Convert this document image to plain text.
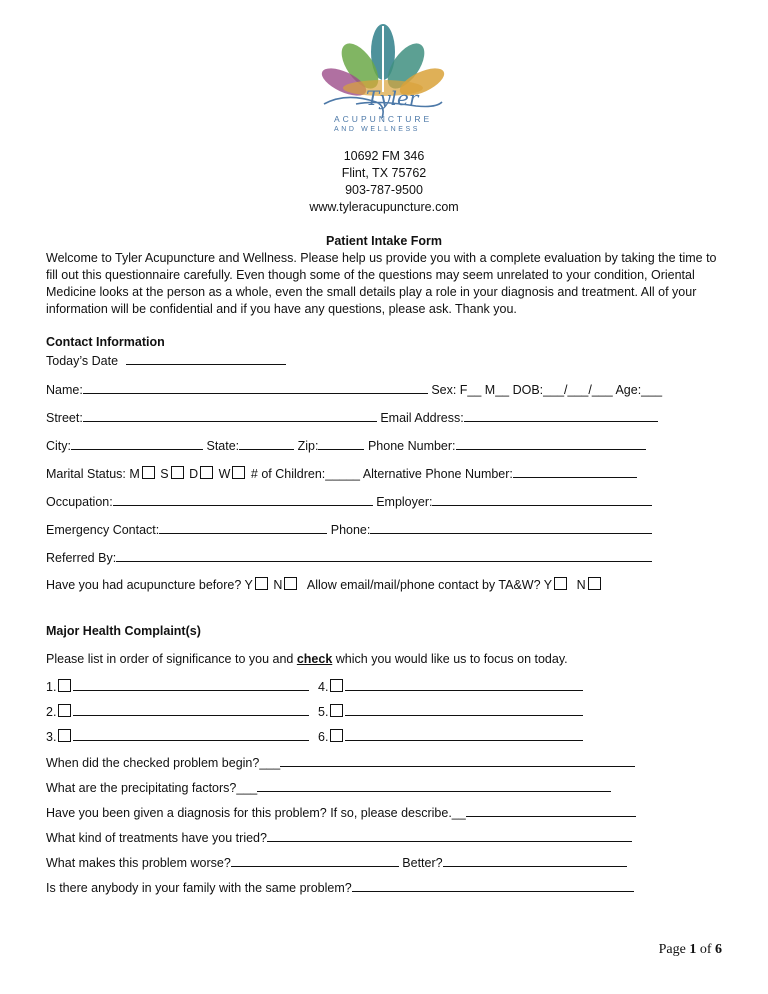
Tyler
ACUPUNCTURE
AND WELLNESS
10692 FM 346
Flint, TX 75762
903-787-9500
www.tyleracupuncture.com
Patient Intake Form
Welcome to Tyler Acupuncture and Wellness. Please help us provide you with a complete evaluation by taking the time to fill out this questionnaire carefully. Even though some of the questions may seem unrelated to your condition, Oriental Medicine looks at the person as a whole, even the small details play a role in your diagnosis and treatment. All of your information will be confidential and if you have any questions, please ask. Thank you.
Contact Information
Today’s Date
Name:	Sex: F__ M__ DOB:___/___/___ Age:___
Street:	Email Address:
City:	State:	Zip:	Phone Number:
Marital Status: M S D W # of Children:_____ Alternative Phone Number:
Occupation:	Employer:
Emergency Contact:	Phone:
Referred By:
Have you had acupuncture before? Y N Allow email/mail/phone contact by TA&W? Y N
Major Health Complaint(s)
Please list in order of significance to you and check which you would like us to focus on today.
1.	4.
2.	5.
3.	6.
When did the checked problem begin?___
What are the precipitating factors?___
Have you been given a diagnosis for this problem? If so, please describe.__
What kind of treatments have you tried?
What makes this problem worse?	Better?
Is there anybody in your family with the same problem?
Page 1 of 6
